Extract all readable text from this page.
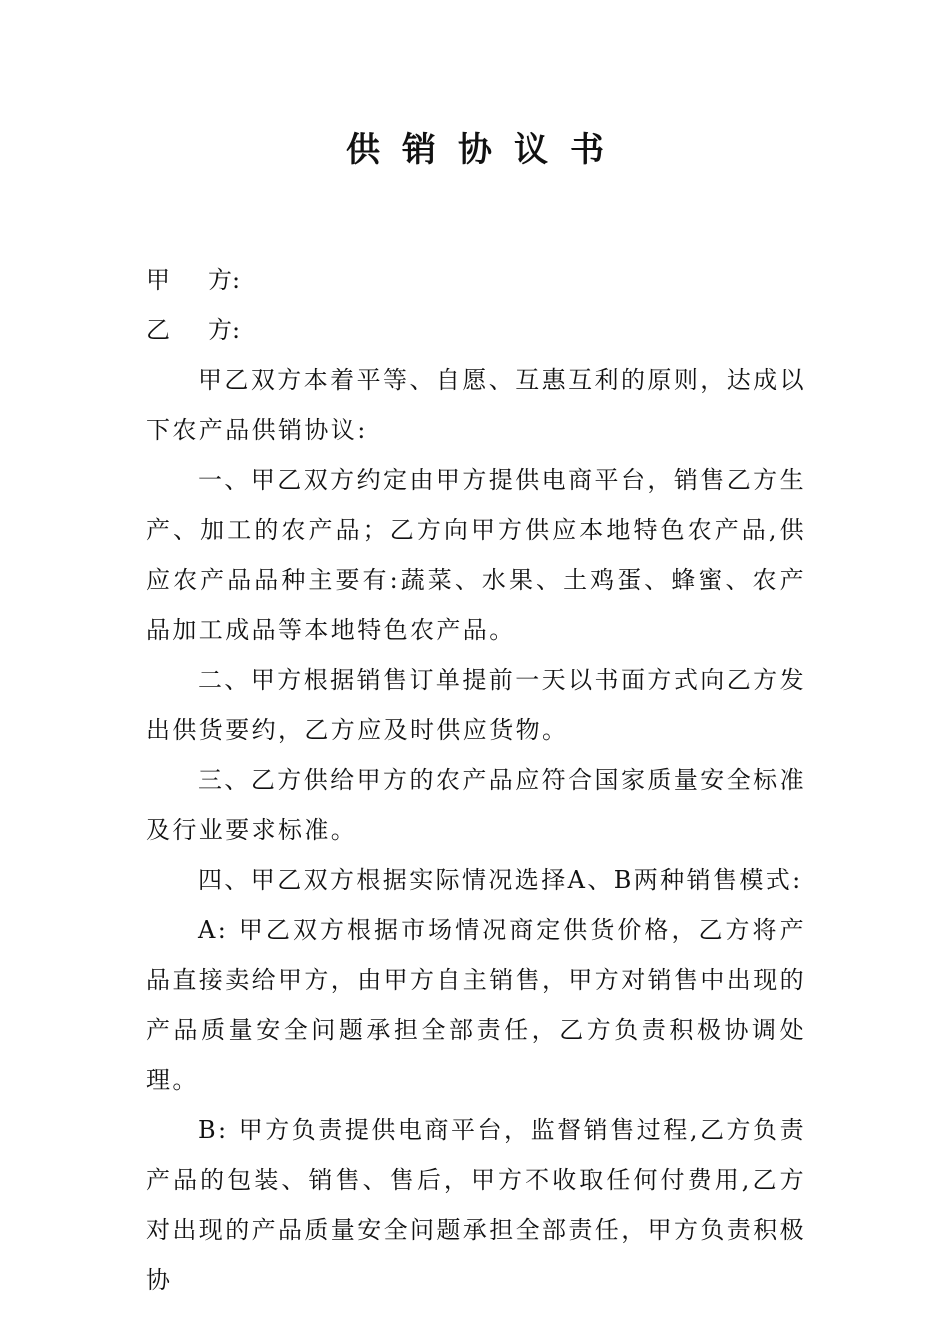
供销协议书

甲 方:

乙 方:

甲乙双方本着平等、自愿、互惠互利的原则，达成以下农产品供销协议:

一、甲乙双方约定由甲方提供电商平台，销售乙方生产、加工的农产品；乙方向甲方供应本地特色农产品,供应农产品品种主要有:蔬菜、水果、土鸡蛋、蜂蜜、农产品加工成品等本地特色农产品。

二、甲方根据销售订单提前一天以书面方式向乙方发出供货要约，乙方应及时供应货物。

三、乙方供给甲方的农产品应符合国家质量安全标准及行业要求标准。

四、甲乙双方根据实际情况选择A、B两种销售模式:

A: 甲乙双方根据市场情况商定供货价格，乙方将产品直接卖给甲方，由甲方自主销售，甲方对销售中出现的产品质量安全问题承担全部责任，乙方负责积极协调处理。

B: 甲方负责提供电商平台，监督销售过程,乙方负责产品的包装、销售、售后，甲方不收取任何付费用,乙方对出现的产品质量安全问题承担全部责任，甲方负责积极协
